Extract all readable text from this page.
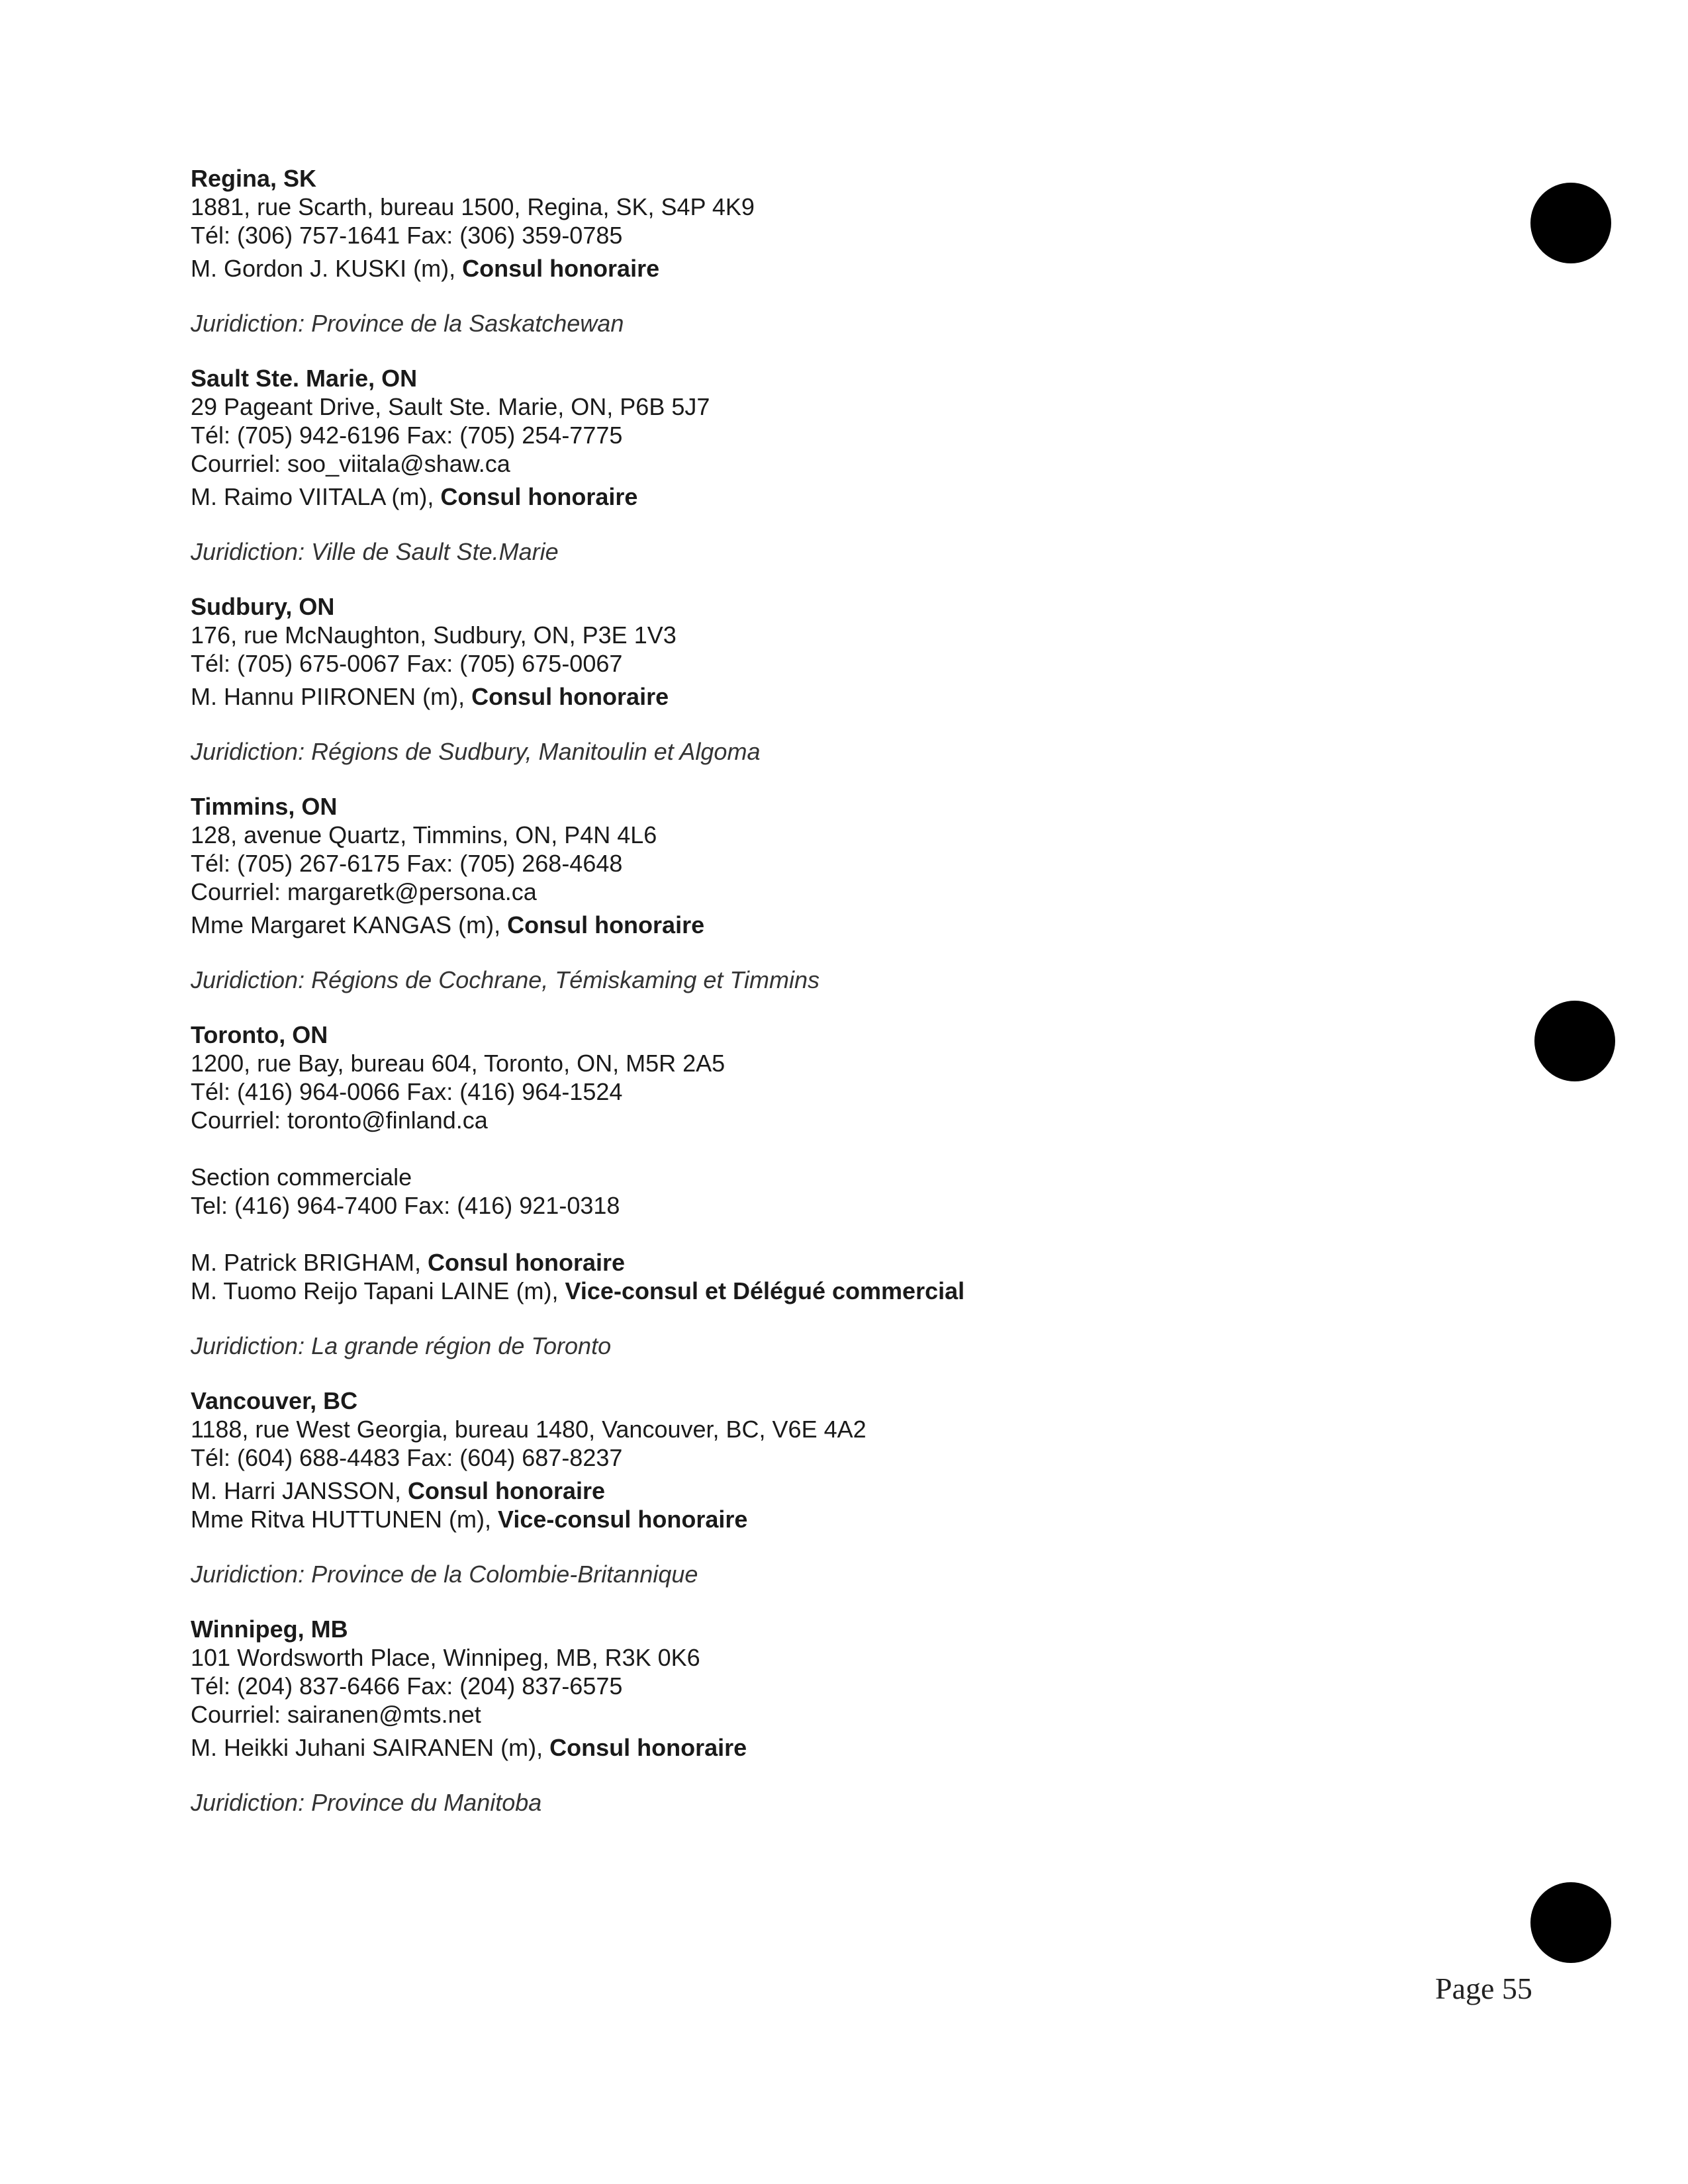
Regina, SK
1881, rue Scarth, bureau 1500, Regina, SK, S4P 4K9
Tél: (306) 757-1641 Fax: (306) 359-0785
M. Gordon J. KUSKI (m), Consul honoraire
Juridiction: Province de la Saskatchewan
Sault Ste. Marie, ON
29 Pageant Drive, Sault Ste. Marie, ON, P6B 5J7
Tél: (705) 942-6196 Fax: (705) 254-7775
Courriel: soo_viitala@shaw.ca
M. Raimo VIITALA (m), Consul honoraire
Juridiction: Ville de Sault Ste.Marie
Sudbury, ON
176, rue McNaughton, Sudbury, ON, P3E 1V3
Tél: (705) 675-0067 Fax: (705) 675-0067
M. Hannu PIIRONEN (m), Consul honoraire
Juridiction: Régions de Sudbury, Manitoulin et Algoma
Timmins, ON
128, avenue Quartz, Timmins, ON, P4N 4L6
Tél: (705) 267-6175 Fax: (705) 268-4648
Courriel: margaretk@persona.ca
Mme Margaret KANGAS (m), Consul honoraire
Juridiction: Régions de Cochrane, Témiskaming et Timmins
Toronto, ON
1200, rue Bay, bureau 604, Toronto, ON, M5R 2A5
Tél: (416) 964-0066 Fax: (416) 964-1524
Courriel: toronto@finland.ca
Section commerciale
Tel: (416) 964-7400 Fax: (416) 921-0318
M. Patrick BRIGHAM, Consul honoraire
M. Tuomo Reijo Tapani LAINE (m), Vice-consul et Délégué commercial
Juridiction: La grande région de Toronto
Vancouver, BC
1188, rue West Georgia, bureau 1480, Vancouver, BC, V6E 4A2
Tél: (604) 688-4483 Fax: (604) 687-8237
M. Harri JANSSON, Consul honoraire
Mme Ritva HUTTUNEN (m), Vice-consul honoraire
Juridiction: Province de la Colombie-Britannique
Winnipeg, MB
101 Wordsworth Place, Winnipeg, MB, R3K 0K6
Tél: (204) 837-6466 Fax: (204) 837-6575
Courriel: sairanen@mts.net
M. Heikki Juhani SAIRANEN (m), Consul honoraire
Juridiction: Province du Manitoba
Page 55
